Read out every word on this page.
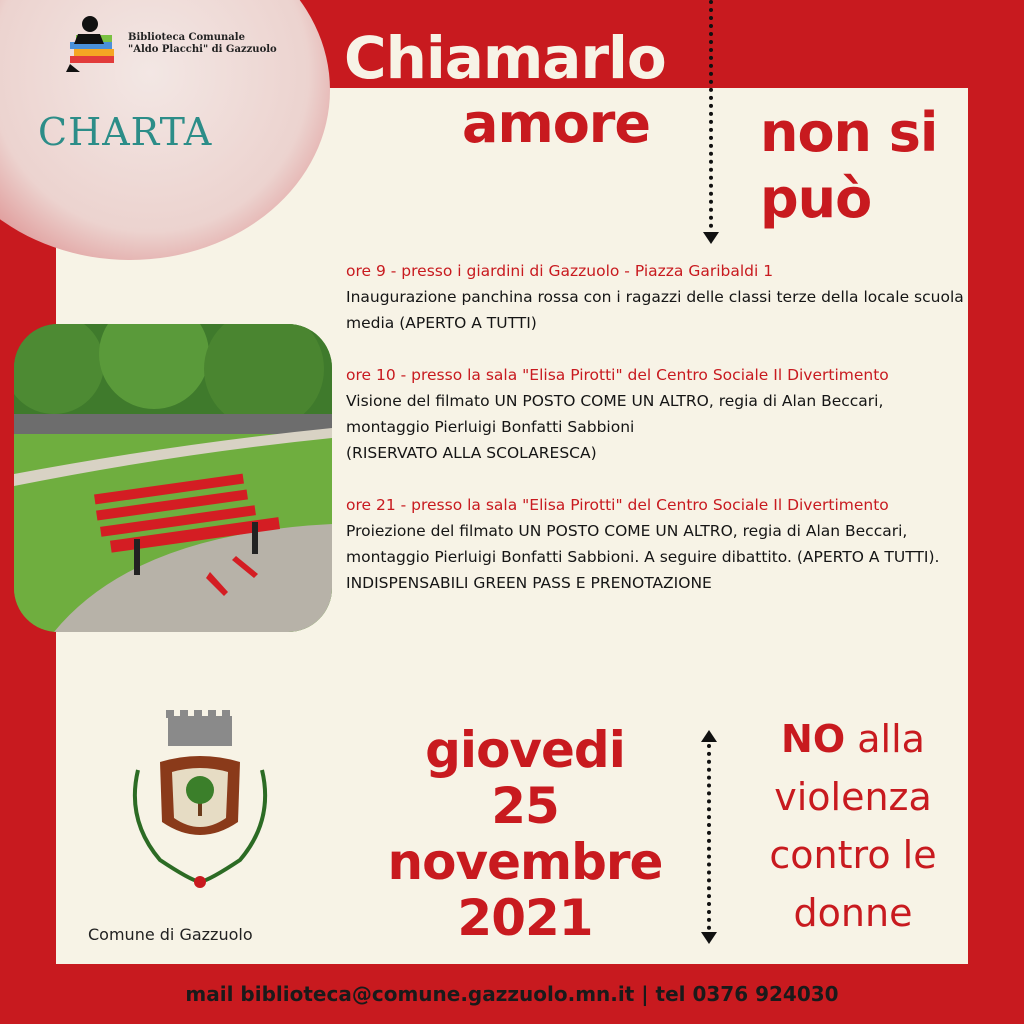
Biblioteca Comunale
"Aldo Placchi" di Gazzuolo
CHARTA
Chiamarlo
amore non si
può
ore 9 - presso i giardini di Gazzuolo - Piazza Garibaldi 1
Inaugurazione panchina rossa con i ragazzi delle classi terze della locale scuola media (APERTO A TUTTI)
ore 10 - presso la sala "Elisa Pirotti" del Centro Sociale Il Divertimento
Visione del filmato UN POSTO COME UN ALTRO, regia di Alan Beccari, montaggio Pierluigi Bonfatti Sabbioni
(RISERVATO ALLA SCOLARESCA)
ore 21 - presso la sala "Elisa Pirotti" del Centro Sociale Il Divertimento
Proiezione del filmato UN POSTO COME UN ALTRO, regia di Alan Beccari, montaggio Pierluigi Bonfatti Sabbioni. A seguire dibattito. (APERTO A TUTTI).
INDISPENSABILI GREEN PASS E PRENOTAZIONE
Comune di Gazzuolo
giovedi
25
novembre
2021
NO alla
violenza
contro le
donne
mail biblioteca@comune.gazzuolo.mn.it | tel 0376 924030
